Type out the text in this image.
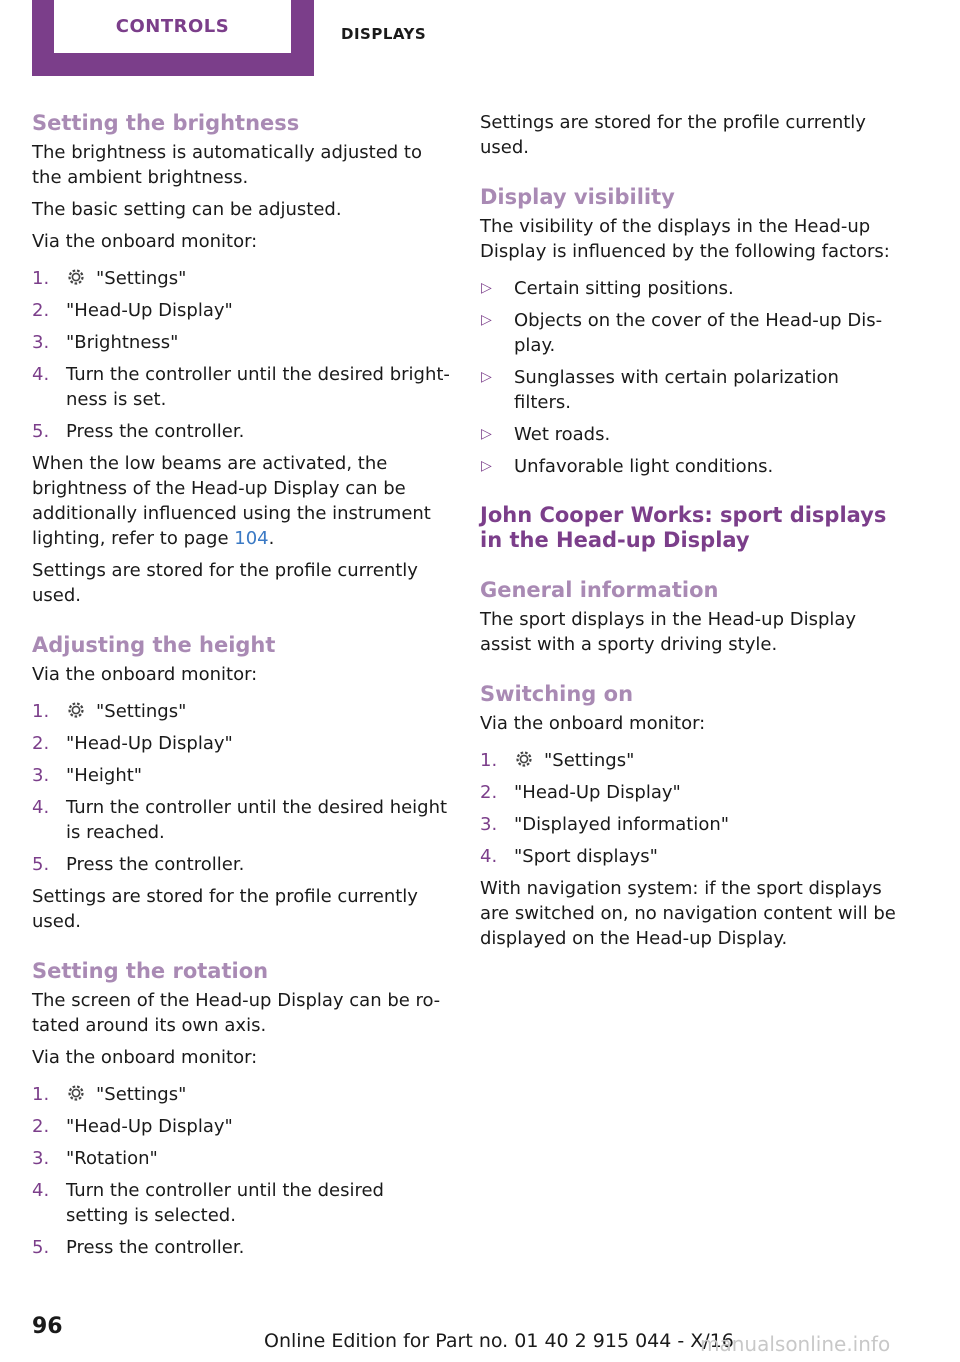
CONTROLS	DISPLAYS
Setting the brightness

The brightness is automatically adjusted to the ambient brightness.

The basic setting can be adjusted.

Via the onboard monitor:

1.	"Settings"
2. "Head-Up Display"
3. "Brightness"
4. Turn the controller until the desired brightness is set.
5. Press the controller.

When the low beams are activated, the brightness of the Head-up Display can be additionally influenced using the instrument lighting, refer to page 104.

Settings are stored for the profile currently used.

Adjusting the height

Via the onboard monitor:

1.	"Settings"
2. "Head-Up Display"
3. "Height"
4. Turn the controller until the desired height is reached.
5. Press the controller.

Settings are stored for the profile currently used.

Setting the rotation

The screen of the Head-up Display can be rotated around its own axis.

Via the onboard monitor:

1.	"Settings"
2. "Head-Up Display"
3. "Rotation"
4. Turn the controller until the desired setting is selected.
5. Press the controller.

Settings are stored for the profile currently used.

Display visibility

The visibility of the displays in the Head-up Display is influenced by the following factors:

▷ Certain sitting positions.
▷ Objects on the cover of the Head-up Display.
▷ Sunglasses with certain polarization filters.
▷ Wet roads.
▷ Unfavorable light conditions.
John Cooper Works: sport displays in the Head-up Display
General information

The sport displays in the Head-up Display assist with a sporty driving style.

Switching on

Via the onboard monitor:

1.	"Settings"
2. "Head-Up Display"
3. "Displayed information"
4. "Sport displays"

With navigation system: if the sport displays are switched on, no navigation content will be displayed on the Head-up Display.

96
Online Edition for Part no. 01 40 2 915 044 - X/16
manualsonline.info
